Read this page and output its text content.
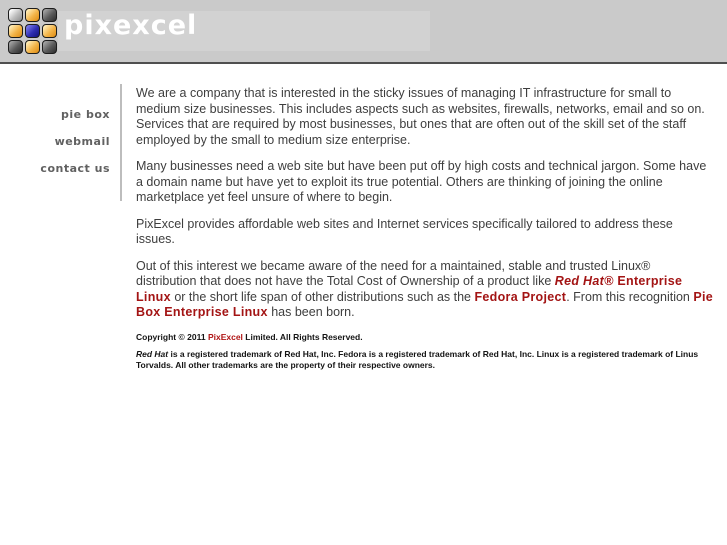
pixexcel
pie box
webmail
contact us

We are a company that is interested in the sticky issues of managing IT infrastructure for small to medium size businesses. This includes aspects such as websites, firewalls, networks, email and so on. Services that are required by most businesses, but ones that are often out of the skill set of the staff employed by the small to medium size enterprise.

Many businesses need a web site but have been put off by high costs and technical jargon. Some have a domain name but have yet to exploit its true potential. Others are thinking of joining the online marketplace yet feel unsure of where to begin.

PixExcel provides affordable web sites and Internet services specifically tailored to address these issues.

Out of this interest we became aware of the need for a maintained, stable and trusted Linux® distribution that does not have the Total Cost of Ownership of a product like Red Hat® Enterprise Linux or the short life span of other distributions such as the Fedora Project. From this recognition Pie Box Enterprise Linux has been born.

Copyright © 2011 PixExcel Limited. All Rights Reserved.

Red Hat is a registered trademark of Red Hat, Inc. Fedora is a registered trademark of Red Hat, Inc. Linux is a registered trademark of Linus Torvalds. All other trademarks are the property of their respective owners.
